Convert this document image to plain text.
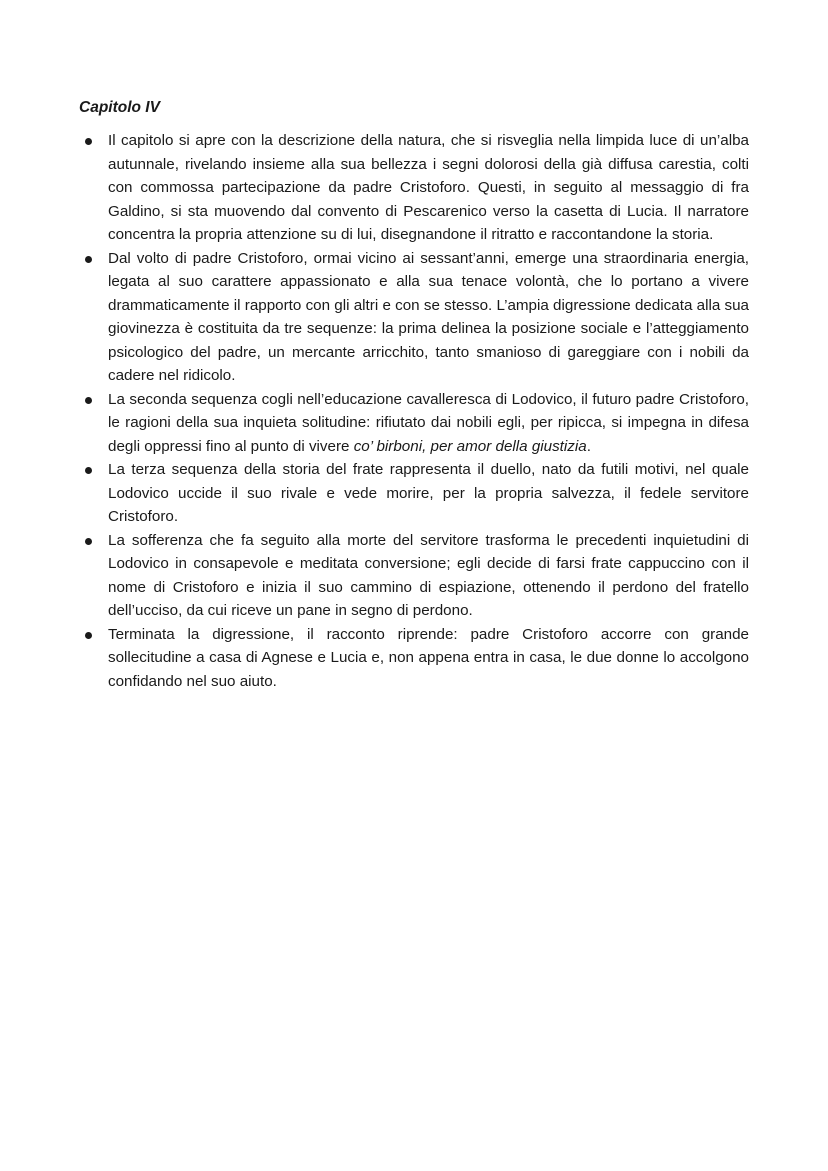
Capitolo IV
Il capitolo si apre con la descrizione della natura, che si risveglia nella limpida luce di un’alba autunnale, rivelando insieme alla sua bellezza i segni dolorosi della già diffusa carestia, colti con commossa partecipazione da padre Cristoforo. Questi, in seguito al messaggio di fra Galdino, si sta muovendo dal convento di Pescarenico verso la casetta di Lucia. Il narratore concentra la propria attenzione su di lui, disegnandone il ritratto e raccontandone la storia.
Dal volto di padre Cristoforo, ormai vicino ai sessant’anni, emerge una straordinaria energia, legata al suo carattere appassionato e alla sua tenace volontà, che lo portano a vivere drammaticamente il rapporto con gli altri e con se stesso. L’ampia digressione dedicata alla sua giovinezza è costituita da tre sequenze: la prima delinea la posizione sociale e l’atteggiamento psicologico del padre, un mercante arricchito, tanto smanioso di gareggiare con i nobili da cadere nel ridicolo.
La seconda sequenza cogli nell’educazione cavalleresca di Lodovico, il futuro padre Cristoforo, le ragioni della sua inquieta solitudine: rifiutato dai nobili egli, per ripicca, si impegna in difesa degli oppressi fino al punto di vivere co’ birboni, per amor della giustizia.
La terza sequenza della storia del frate rappresenta il duello, nato da futili motivi, nel quale Lodovico uccide il suo rivale e vede morire, per la propria salvezza, il fedele servitore Cristoforo.
La sofferenza che fa seguito alla morte del servitore trasforma le precedenti inquietudini di Lodovico in consapevole e meditata conversione; egli decide di farsi frate cappuccino con il nome di Cristoforo e inizia il suo cammino di espiazione, ottenendo il perdono del fratello dell’ucciso, da cui riceve un pane in segno di perdono.
Terminata la digressione, il racconto riprende: padre Cristoforo accorre con grande sollecitudine a casa di Agnese e Lucia e, non appena entra in casa, le due donne lo accolgono confidando nel suo aiuto.
